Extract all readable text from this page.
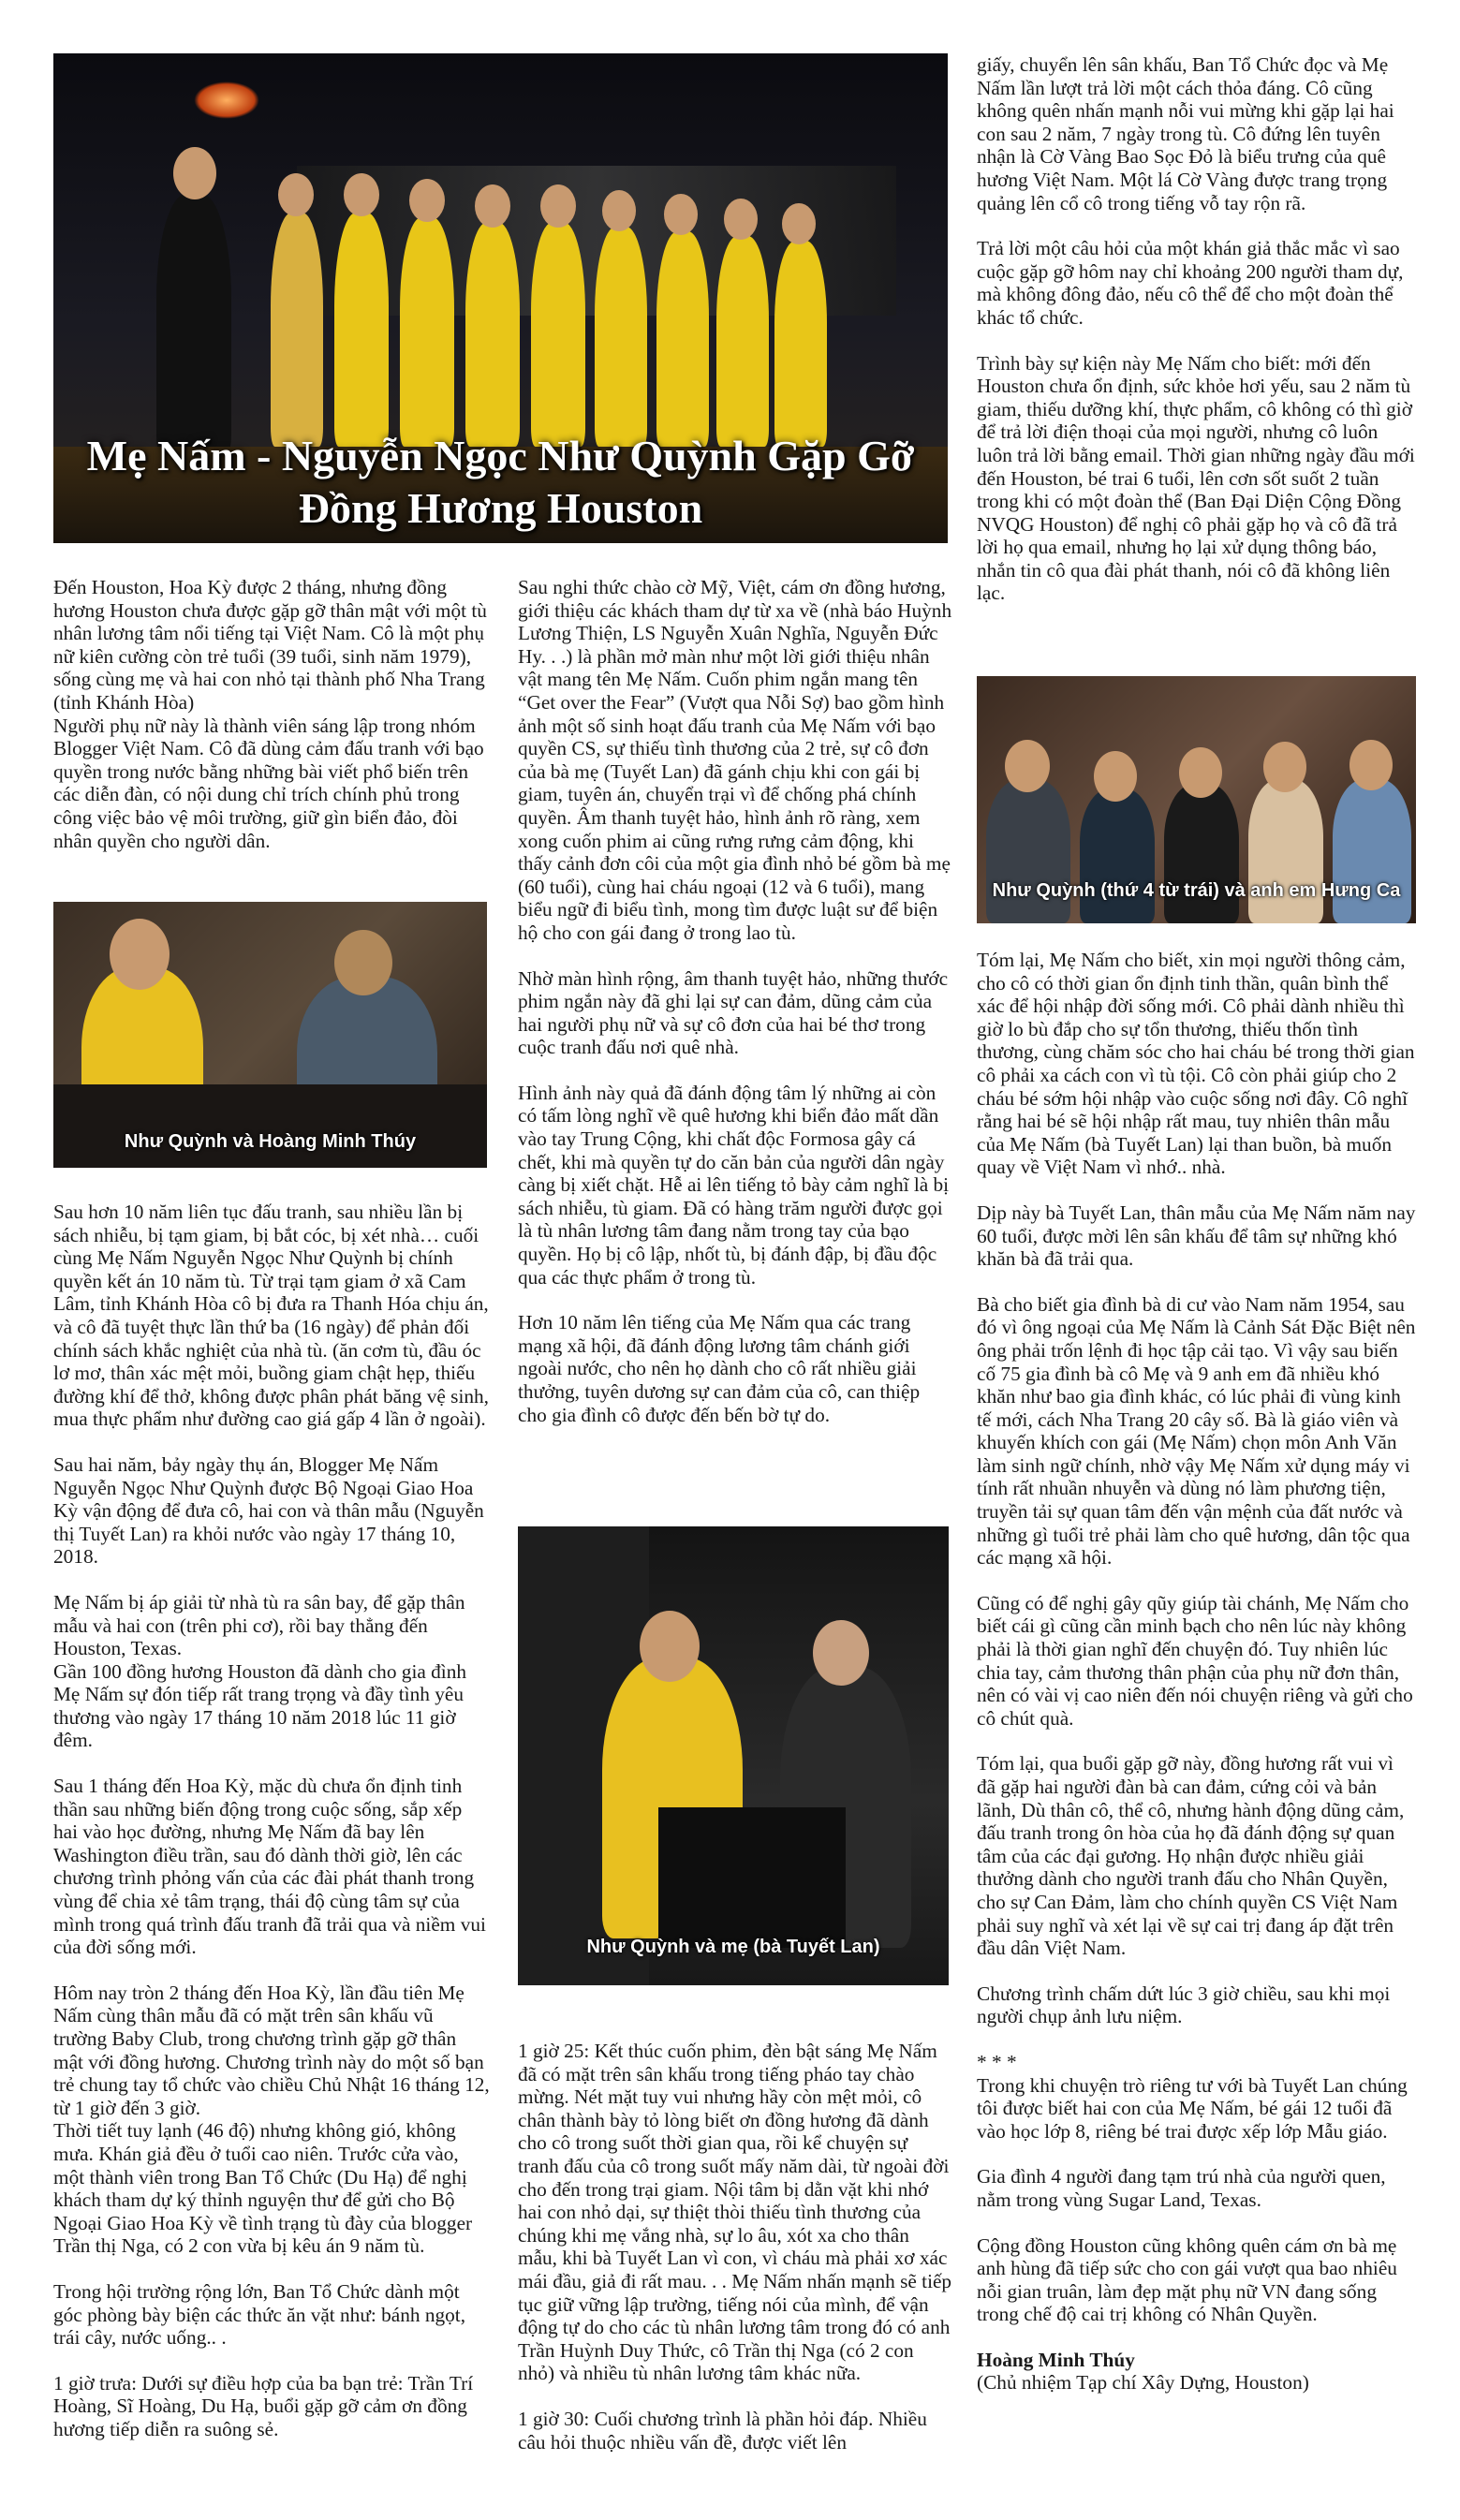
Mẹ Nấm - Nguyễn Ngọc Như Quỳnh Gặp Gỡ
Đồng Hương Houston

Đến Houston, Hoa Kỳ được 2 tháng, nhưng đồng hương Houston chưa được gặp gỡ thân mật với một tù nhân lương tâm nổi tiếng tại Việt Nam. Cô là một phụ nữ kiên cường còn trẻ tuổi (39 tuổi, sinh năm 1979), sống cùng mẹ và hai con nhỏ tại thành phố Nha Trang (tỉnh Khánh Hòa)

Người phụ nữ này là thành viên sáng lập trong nhóm Blogger Việt Nam. Cô đã dùng cảm đấu tranh với bạo quyền trong nước bằng những bài viết phổ biến trên các diễn đàn, có nội dung chỉ trích chính phủ trong công việc bảo vệ môi trường, giữ gìn biển đảo, đòi nhân quyền cho người dân.

Như Quỳnh và Hoàng Minh Thúy

Sau hơn 10 năm liên tục đấu tranh, sau nhiều lần bị sách nhiễu, bị tạm giam, bị bắt cóc, bị xét nhà… cuối cùng Mẹ Nấm Nguyễn Ngọc Như Quỳnh bị chính quyền kết án 10 năm tù. Từ trại tạm giam ở xã Cam Lâm, tỉnh Khánh Hòa cô bị đưa ra Thanh Hóa chịu án, và cô đã tuyệt thực lần thứ ba (16 ngày) để phản đối chính sách khắc nghiệt của nhà tù. (ăn cơm tù, đầu óc lơ mơ, thân xác mệt mỏi, buồng giam chật hẹp, thiếu đường khí để thở, không được phân phát băng vệ sinh, mua thực phẩm như đường cao giá gấp 4 lần ở ngoài).

Sau hai năm, bảy ngày thụ án, Blogger Mẹ Nấm Nguyễn Ngọc Như Quỳnh được Bộ Ngoại Giao Hoa Kỳ vận động để đưa cô, hai con và thân mẫu (Nguyễn thị Tuyết Lan) ra khỏi nước vào ngày 17 tháng 10, 2018.

Mẹ Nấm bị áp giải từ nhà tù ra sân bay, để gặp thân mẫu và hai con (trên phi cơ), rồi bay thẳng đến Houston, Texas.

Gần 100 đồng hương Houston đã dành cho gia đình Mẹ Nấm sự đón tiếp rất trang trọng và đầy tình yêu thương vào ngày 17 tháng 10 năm 2018 lúc 11 giờ đêm.

Sau 1 tháng đến Hoa Kỳ, mặc dù chưa ổn định tinh thần sau những biến động trong cuộc sống, sắp xếp hai vào học đường, nhưng Mẹ Nấm đã bay lên Washington điều trần, sau đó dành thời giờ, lên các chương trình phỏng vấn của các đài phát thanh trong vùng để chia xẻ tâm trạng, thái độ cùng tâm sự của mình trong quá trình đấu tranh đã trải qua và niềm vui của đời sống mới.

Hôm nay tròn 2 tháng đến Hoa Kỳ, lần đầu tiên Mẹ Nấm cùng thân mẫu đã có mặt trên sân khấu vũ trường Baby Club, trong chương trình gặp gỡ thân mật với đồng hương. Chương trình này do một số bạn trẻ chung tay tổ chức vào chiều Chủ Nhật 16 tháng 12, từ 1 giờ đến 3 giờ.

Thời tiết tuy lạnh (46 độ) nhưng không gió, không mưa. Khán giả đều ở tuổi cao niên. Trước cửa vào, một thành viên trong Ban Tổ Chức (Du Hạ) để nghị khách tham dự ký thỉnh nguyện thư để gửi cho Bộ Ngoại Giao Hoa Kỳ về tình trạng tù đày của blogger Trần thị Nga, có 2 con vừa bị kêu án 9 năm tù.

Trong hội trường rộng lớn, Ban Tổ Chức dành một góc phòng bày biện các thức ăn vặt như: bánh ngọt, trái cây, nước uống.. .

1 giờ trưa: Dưới sự điều hợp của ba bạn trẻ: Trần Trí Hoàng, Sĩ Hoàng, Du Hạ, buổi gặp gỡ cảm ơn đồng hương tiếp diễn ra suông sẻ.

Sau nghi thức chào cờ Mỹ, Việt, cám ơn đồng hương, giới thiệu các khách tham dự từ xa về (nhà báo Huỳnh Lương Thiện, LS Nguyễn Xuân Nghĩa, Nguyễn Đức Hy. . .) là phần mở màn như một lời giới thiệu nhân vật mang tên Mẹ Nấm. Cuốn phim ngắn mang tên “Get over the Fear” (Vượt qua Nỗi Sợ) bao gồm hình ảnh một số sinh hoạt đấu tranh của Mẹ Nấm với bạo quyền CS, sự thiếu tình thương của 2 trẻ, sự cô đơn của bà mẹ (Tuyết Lan) đã gánh chịu khi con gái bị giam, tuyên án, chuyển trại vì để chống phá chính quyền. Âm thanh tuyệt hảo, hình ảnh rõ ràng, xem xong cuốn phim ai cũng rưng rưng cảm động, khi thấy cảnh đơn côi của một gia đình nhỏ bé gồm bà mẹ (60 tuổi), cùng hai cháu ngoại (12 và 6 tuổi), mang biểu ngữ đi biểu tình, mong tìm được luật sư để biện hộ cho con gái đang ở trong lao tù.

Nhờ màn hình rộng, âm thanh tuyệt hảo, những thước phim ngắn này đã ghi lại sự can đảm, dũng cảm của hai người phụ nữ và sự cô đơn của hai bé thơ trong cuộc tranh đấu nơi quê nhà.

Hình ảnh này quả đã đánh động tâm lý những ai còn có tấm lòng nghĩ về quê hương khi biển đảo mất dần vào tay Trung Cộng, khi chất độc Formosa gây cá chết, khi mà quyền tự do căn bản của người dân ngày càng bị xiết chặt. Hễ ai lên tiếng tỏ bày cảm nghĩ là bị sách nhiễu, tù giam. Đã có hàng trăm người được gọi là tù nhân lương tâm đang nằm trong tay của bạo quyền. Họ bị cô lập, nhốt tù, bị đánh đập, bị đầu độc qua các thực phẩm ở trong tù.

Hơn 10 năm lên tiếng của Mẹ Nấm qua các trang mạng xã hội, đã đánh động lương tâm chánh giới ngoài nước, cho nên họ dành cho cô rất nhiều giải thưởng, tuyên dương sự can đảm của cô, can thiệp cho gia đình cô được đến bến bờ tự do.

Như Quỳnh và mẹ (bà Tuyết Lan)

1 giờ 25: Kết thúc cuốn phim, đèn bật sáng Mẹ Nấm đã có mặt trên sân khấu trong tiếng pháo tay chào mừng. Nét mặt tuy vui nhưng hầy còn mệt mỏi, cô chân thành bày tỏ lòng biết ơn đồng hương đã dành cho cô trong suốt thời gian qua, rồi kể chuyện sự tranh đấu của cô trong suốt mấy năm dài, từ ngoài đời cho đến trong trại giam. Nội tâm bị dằn vặt khi nhớ hai con nhỏ dại, sự thiệt thòi thiếu tình thương của chúng khi mẹ vắng nhà, sự lo âu, xót xa cho thân mẫu, khi bà Tuyết Lan vì con, vì cháu mà phải xơ xác mái đầu, giả đi rất mau. . . Mẹ Nấm nhấn mạnh sẽ tiếp tục giữ vững lập trường, tiếng nói của mình, để vận động tự do cho các tù nhân lương tâm trong đó có anh Trần Huỳnh Duy Thức, cô Trần thị Nga (có 2 con nhỏ) và nhiều tù nhân lương tâm khác nữa.

1 giờ 30: Cuối chương trình là phần hỏi đáp. Nhiều câu hỏi thuộc nhiều vấn đề, được viết lên

giấy, chuyển lên sân khấu, Ban Tổ Chức đọc và Mẹ Nấm lần lượt trả lời một cách thỏa đáng. Cô cũng không quên nhấn mạnh nỗi vui mừng khi gặp lại hai con sau 2 năm, 7 ngày trong tù. Cô đứng lên tuyên nhận là Cờ Vàng Bao Sọc Đỏ là biểu trưng của quê hương Việt Nam. Một lá Cờ Vàng được trang trọng quảng lên cổ cô trong tiếng vỗ tay rộn rã.

Trả lời một câu hỏi của một khán giả thắc mắc vì sao cuộc gặp gỡ hôm nay chỉ khoảng 200 người tham dự, mà không đông đảo, nếu cô thể để cho một đoàn thể khác tổ chức.

Trình bày sự kiện này Mẹ Nấm cho biết: mới đến Houston chưa ổn định, sức khỏe hơi yếu, sau 2 năm tù giam, thiếu dưỡng khí, thực phẩm, cô không có thì giờ để trả lời điện thoại của mọi người, nhưng cô luôn luôn trả lời bằng email. Thời gian những ngày đầu mới đến Houston, bé trai 6 tuổi, lên cơn sốt suốt 2 tuần trong khi có một đoàn thể (Ban Đại Diện Cộng Đồng NVQG Houston) để nghị cô phải gặp họ và cô đã trả lời họ qua email, nhưng họ lại xử dụng thông báo, nhắn tin cô qua đài phát thanh, nói cô đã không liên lạc.

Như Quỳnh (thứ 4 từ trái) và anh em Hưng Ca

Tóm lại, Mẹ Nấm cho biết, xin mọi người thông cảm, cho cô có thời gian ổn định tinh thần, quân bình thể xác để hội nhập đời sống mới. Cô phải dành nhiều thì giờ lo bù đắp cho sự tổn thương, thiếu thốn tình thương, cùng chăm sóc cho hai cháu bé trong thời gian cô phải xa cách con vì tù tội. Cô còn phải giúp cho 2 cháu bé sớm hội nhập vào cuộc sống nơi đây. Cô nghĩ rằng hai bé sẽ hội nhập rất mau, tuy nhiên thân mẫu của Mẹ Nấm (bà Tuyết Lan) lại than buồn, bà muốn quay về Việt Nam vì nhớ.. nhà.

Dịp này bà Tuyết Lan, thân mẫu của Mẹ Nấm năm nay 60 tuổi, được mời lên sân khấu để tâm sự những khó khăn bà đã trải qua.

Bà cho biết gia đình bà di cư vào Nam năm 1954, sau đó vì ông ngoại của Mẹ Nấm là Cảnh Sát Đặc Biệt nên ông phải trốn lệnh đi học tập cải tạo. Vì vậy sau biến cố 75 gia đình bà cô Mẹ và 9 anh em đã nhiều khó khăn như bao gia đình khác, có lúc phải đi vùng kinh tế mới, cách Nha Trang 20 cây số. Bà là giáo viên và khuyến khích con gái (Mẹ Nấm) chọn môn Anh Văn làm sinh ngữ chính, nhờ vậy Mẹ Nấm xử dụng máy vi tính rất nhuần nhuyễn và dùng nó làm phương tiện, truyền tải sự quan tâm đến vận mệnh của đất nước và những gì tuổi trẻ phải làm cho quê hương, dân tộc qua các mạng xã hội.

Cũng có để nghị gây qũy giúp tài chánh, Mẹ Nấm cho biết cái gì cũng cần minh bạch cho nên lúc này không phải là thời gian nghĩ đến chuyện đó. Tuy nhiên lúc chia tay, cảm thương thân phận của phụ nữ đơn thân, nên có vài vị cao niên đến nói chuyện riêng và gửi cho cô chút quà.

Tóm lại, qua buổi gặp gỡ này, đồng hương rất vui vì đã gặp hai người đàn bà can đảm, cứng cỏi và bản lãnh, Dù thân cô, thể cô, nhưng hành động dũng cảm, đấu tranh trong ôn hòa của họ đã đánh động sự quan tâm của các đại gương. Họ nhận được nhiều giải thưởng dành cho người tranh đấu cho Nhân Quyền, cho sự Can Đảm, làm cho chính quyền CS Việt Nam phải suy nghĩ và xét lại về sự cai trị đang áp đặt trên đầu dân Việt Nam.

Chương trình chấm dứt lúc 3 giờ chiều, sau khi mọi người chụp ảnh lưu niệm.

* * *

Trong khi chuyện trò riêng tư với bà Tuyết Lan chúng tôi được biết hai con của Mẹ Nấm, bé gái 12 tuổi đã vào học lớp 8, riêng bé trai được xếp lớp Mẫu giáo.

Gia đình 4 người đang tạm trú nhà của người quen, nằm trong vùng Sugar Land, Texas.

Cộng đồng Houston cũng không quên cám ơn bà mẹ anh hùng đã tiếp sức cho con gái vượt qua bao nhiêu nỗi gian truân, làm đẹp mặt phụ nữ VN đang sống trong chế độ cai trị không có Nhân Quyền.

Hoàng Minh Thúy

(Chủ nhiệm Tạp chí Xây Dựng, Houston)
